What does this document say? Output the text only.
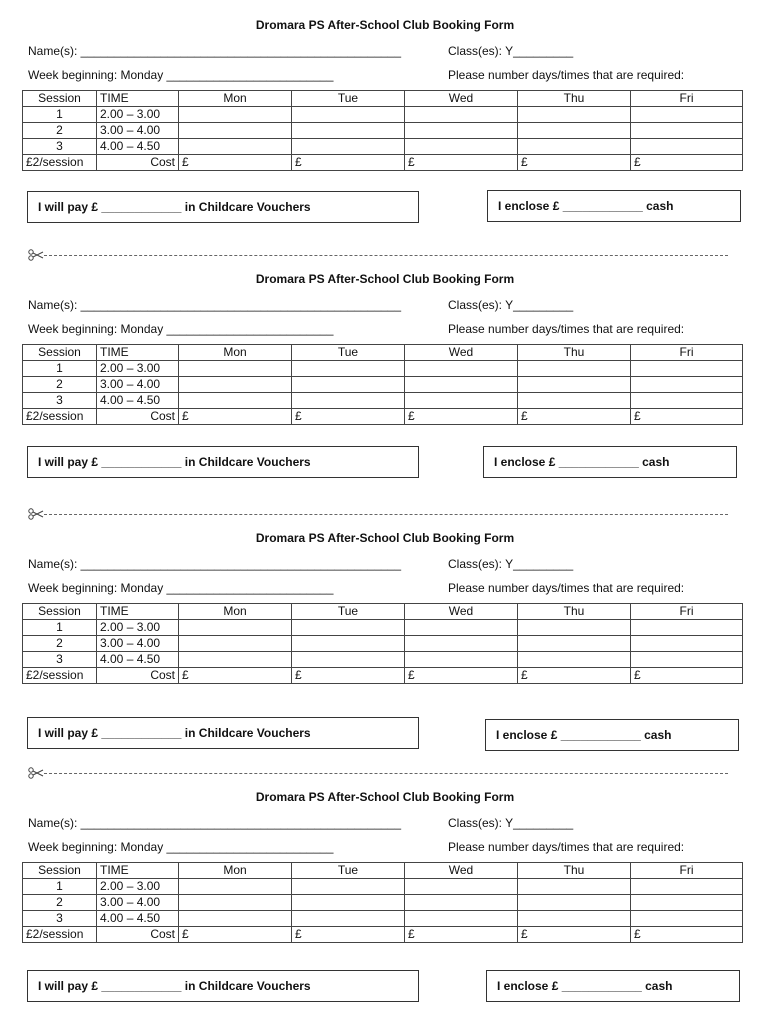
Dromara PS After-School Club Booking Form
Name(s): ________________________________________________	Class(es): Y_________
Week beginning: Monday _________________________	Please number days/times that are required:
Session	TIME	Mon	Tue	Wed	Thu	Fri
1	2.00 – 3.00					
2	3.00 – 4.00					
3	4.00 – 4.50					
£2/session	Cost	£	£	£	£	£
I will pay £ ____________ in Childcare Vouchers	I enclose £ ____________ cash
Dromara PS After-School Club Booking Form
Name(s): ________________________________________________	Class(es): Y_________
Week beginning: Monday _________________________	Please number days/times that are required:
Session	TIME	Mon	Tue	Wed	Thu	Fri
1	2.00 – 3.00					
2	3.00 – 4.00					
3	4.00 – 4.50					
£2/session	Cost	£	£	£	£	£
I will pay £ ____________ in Childcare Vouchers	I enclose £ ____________ cash
Dromara PS After-School Club Booking Form
Name(s): ________________________________________________	Class(es): Y_________
Week beginning: Monday _________________________	Please number days/times that are required:
Session	TIME	Mon	Tue	Wed	Thu	Fri
1	2.00 – 3.00					
2	3.00 – 4.00					
3	4.00 – 4.50					
£2/session	Cost	£	£	£	£	£
I will pay £ ____________ in Childcare Vouchers	I enclose £ ____________ cash
Dromara PS After-School Club Booking Form
Name(s): ________________________________________________	Class(es): Y_________
Week beginning: Monday _________________________	Please number days/times that are required:
Session	TIME	Mon	Tue	Wed	Thu	Fri
1	2.00 – 3.00					
2	3.00 – 4.00					
3	4.00 – 4.50					
£2/session	Cost	£	£	£	£	£
I will pay £ ____________ in Childcare Vouchers	I enclose £ ____________ cash
